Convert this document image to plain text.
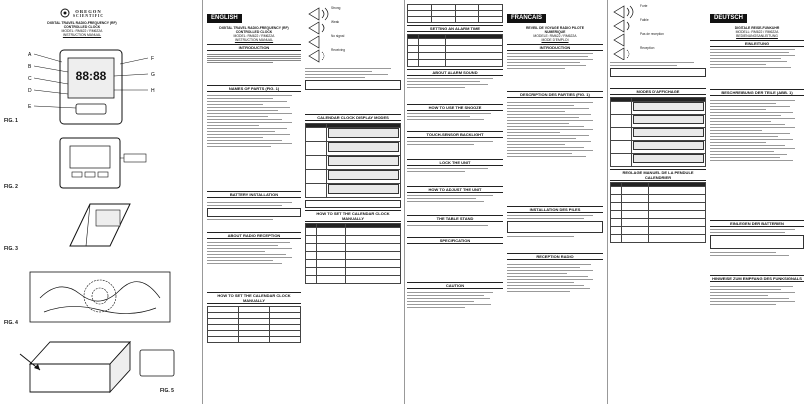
OREGON
SCIENTIFIC
DIGITAL TRAVEL RADIO-FREQUENCY (RF)
CONTROLLED CLOCK
MODEL: RM622 / RM622A
INSTRUCTION MANUAL
88:88
A
B
C
D
E
F
G
H
FIG. 1
FIG. 2
FIG. 3
FIG. 4
FIG. 5
ENGLISH
DIGITAL TRAVEL RADIO-FREQUENCY (RF)
CONTROLLED CLOCK
MODEL: RM622 / RM622A
INSTRUCTION MANUAL
INTRODUCTION
NAMES OF PARTS (FIG. 1)
BATTERY INSTALLATION
ABOUT RADIO RECEPTION
HOW TO SET THE CALENDAR CLOCK MANUALLY

Strong
Weak
No signal
Receiving
CALENDAR CLOCK DISPLAY MODES

HOW TO SET THE CALENDAR CLOCK MANUALLY

SETTING AN ALARM TIME

ABOUT ALARM SOUND
HOW TO USE THE SNOOZE
TOUCH-SENSOR BACKLIGHT
LOCK THE UNIT
HOW TO ADJUST THE UNIT
THE TABLE STAND
SPECIFICATION

CAUTION
FRANCAIS
REVEIL DE VOYAGE RADIO PILOTE
NUMERIQUE
MODELE: RM622 / RM622A
MODE D'EMPLOI
INTRODUCTION
DESCRIPTION DES PARTIES (FIG. 1)
INSTALLATION DES PILES
RECEPTION RADIO
Forte
Faible
Pas de reception
Reception
MODES D'AFFICHAGE

REGLAGE MANUEL DE LA PENDULE CALENDRIER

DEUTSCH
DIGITALE REISE-FUNKUHR
MODELL: RM622 / RM622A
BEDIENUNGSANLEITUNG
EINLEITUNG
BESCHREIBUNG DER TEILE (ABB. 1)
EINLEGEN DER BATTERIEN
HINWEISE ZUM EMPFANG DES FUNKSIGNALS
